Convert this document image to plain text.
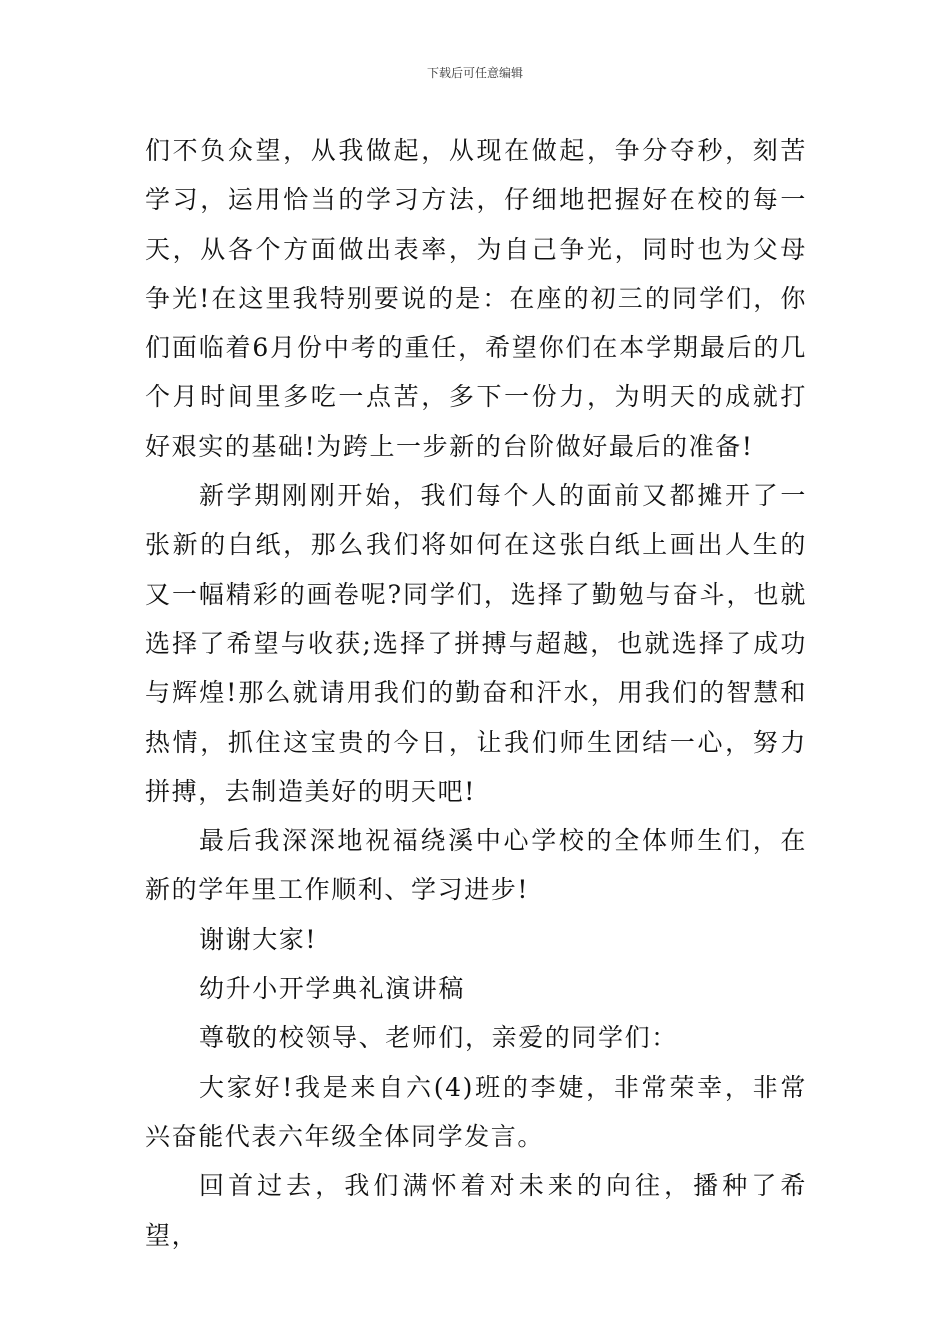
下载后可任意编辑

们不负众望，从我做起，从现在做起，争分夺秒，刻苦学习，运用恰当的学习方法，仔细地把握好在校的每一天，从各个方面做出表率，为自己争光，同时也为父母争光!在这里我特别要说的是：在座的初三的同学们，你们面临着6月份中考的重任，希望你们在本学期最后的几个月时间里多吃一点苦，多下一份力，为明天的成就打好艰实的基础!为跨上一步新的台阶做好最后的准备!

新学期刚刚开始，我们每个人的面前又都摊开了一张新的白纸，那么我们将如何在这张白纸上画出人生的又一幅精彩的画卷呢?同学们，选择了勤勉与奋斗，也就选择了希望与收获;选择了拼搏与超越，也就选择了成功与辉煌!那么就请用我们的勤奋和汗水，用我们的智慧和热情，抓住这宝贵的今日，让我们师生团结一心，努力拼搏，去制造美好的明天吧!

最后我深深地祝福绕溪中心学校的全体师生们，在新的学年里工作顺利、学习进步!

谢谢大家!

幼升小开学典礼演讲稿

尊敬的校领导、老师们，亲爱的同学们：

大家好!我是来自六(4)班的李婕，非常荣幸，非常兴奋能代表六年级全体同学发言。

回首过去，我们满怀着对未来的向往，播种了希望，
